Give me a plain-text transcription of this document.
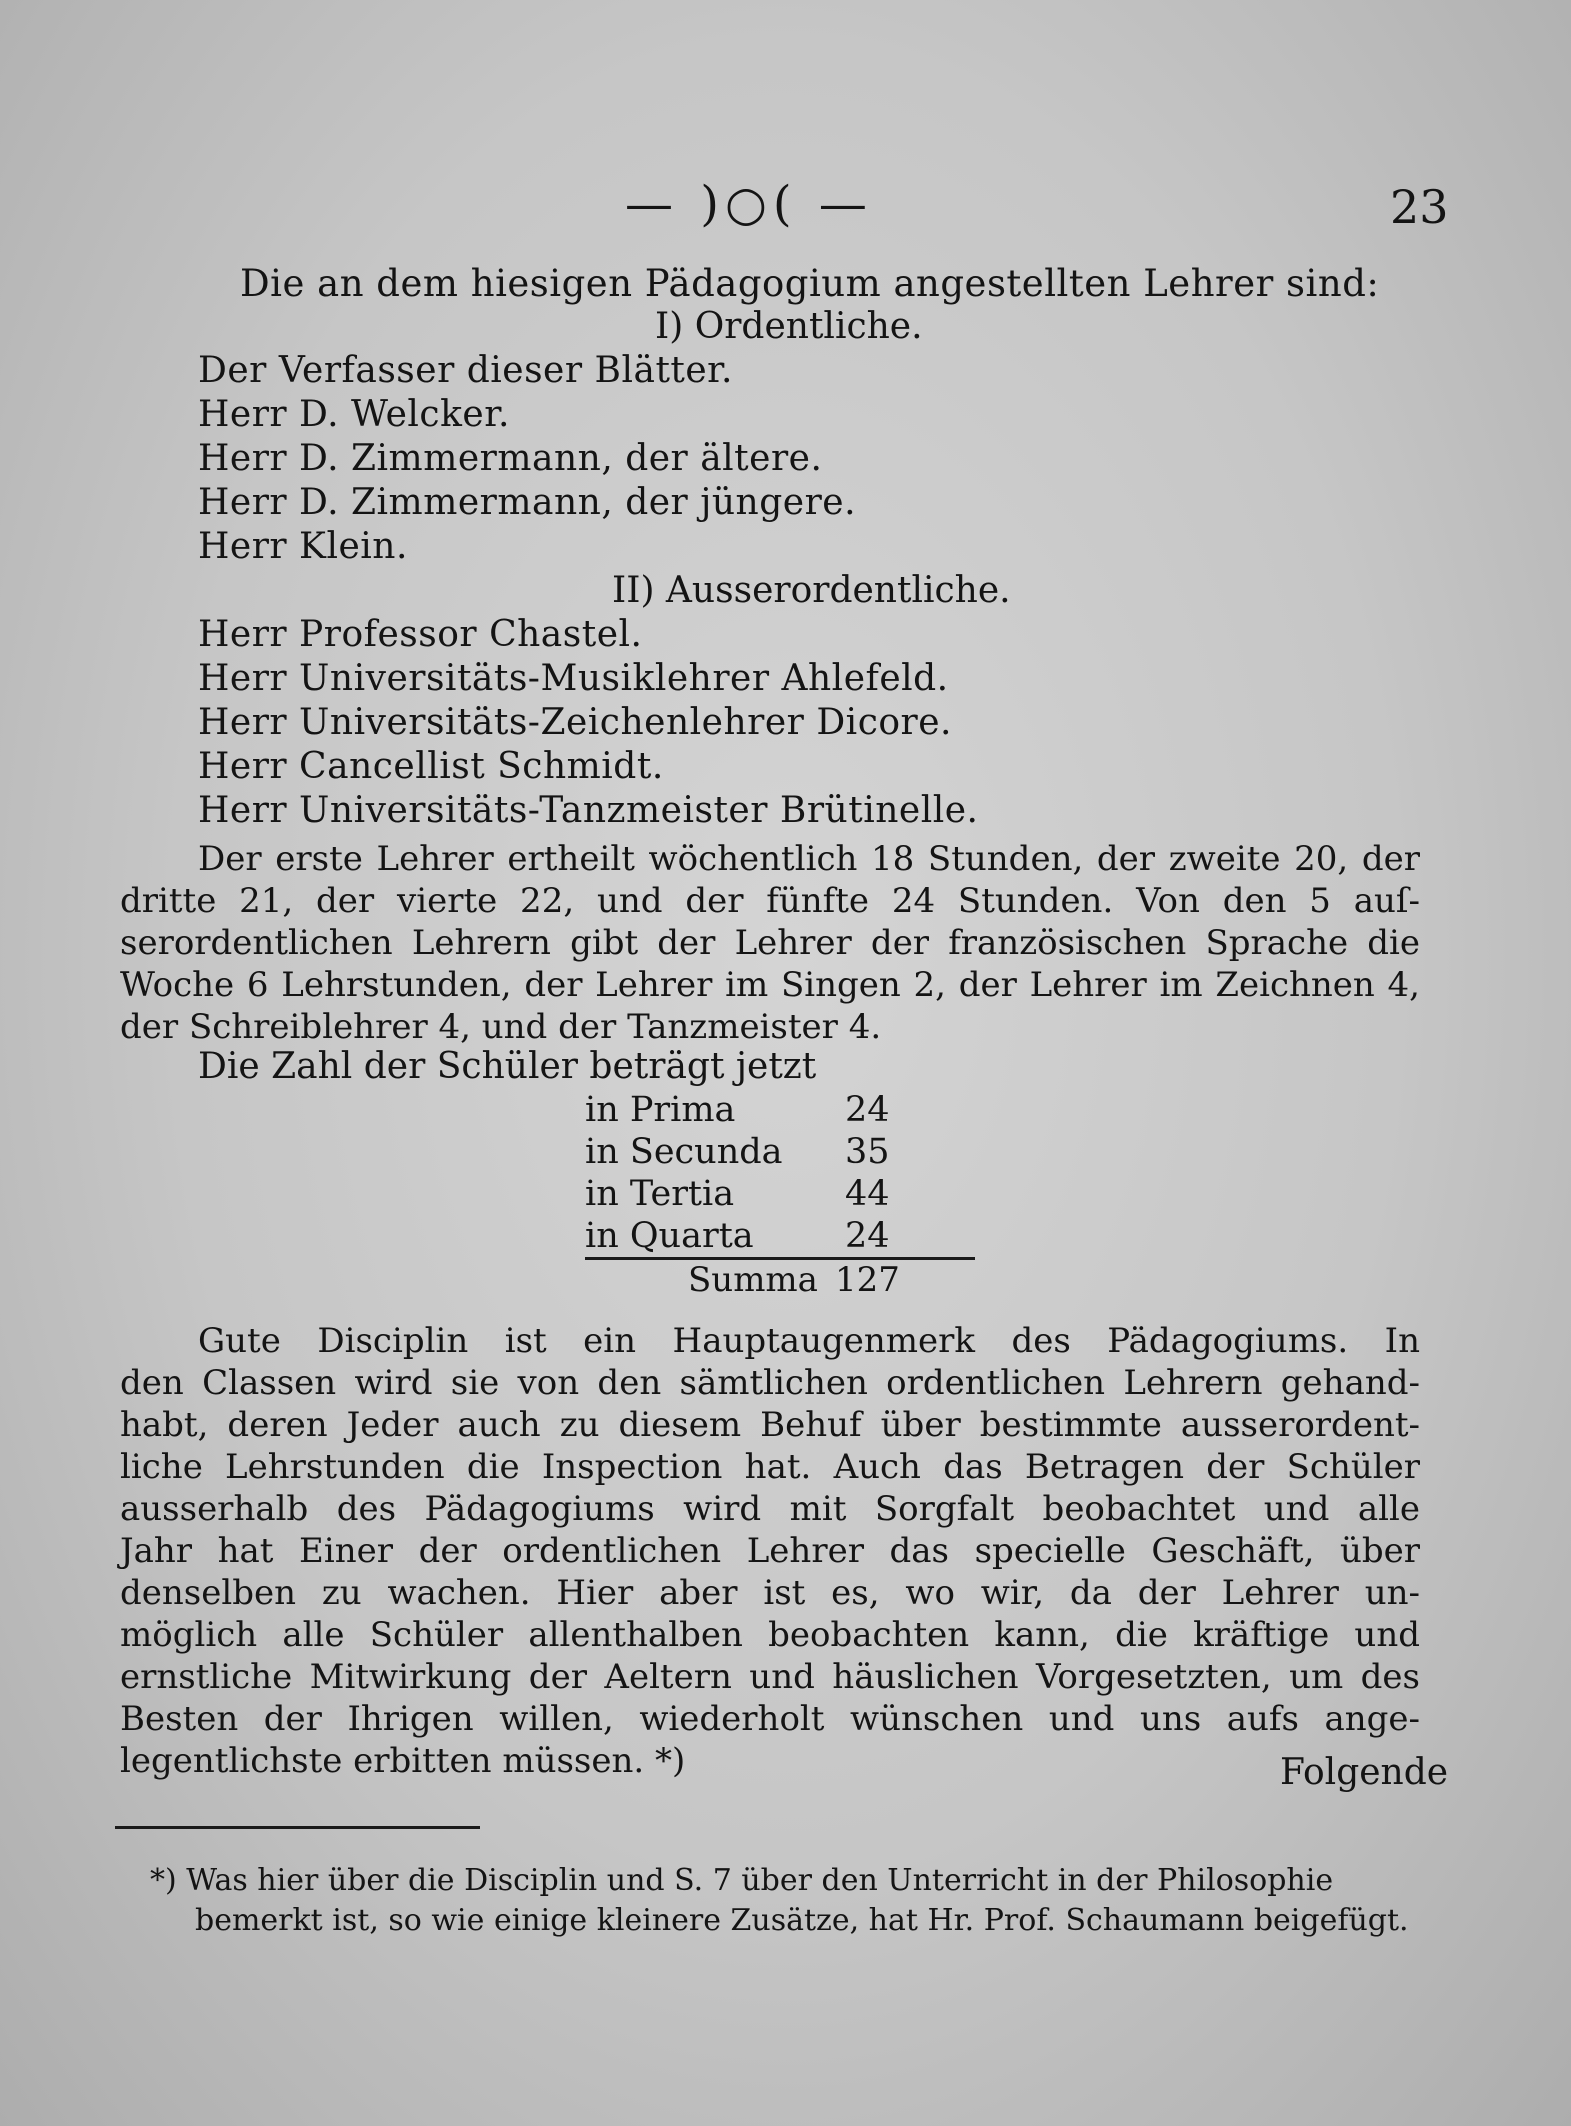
— )○( —	23
Die an dem hiesigen Pädagogium angestellten Lehrer sind:
I) Ordentliche.
Der Verfasser dieser Blätter.
Herr D. Welcker.
Herr D. Zimmermann, der ältere.
Herr D. Zimmermann, der jüngere.
Herr Klein.
II) Ausserordentliche.
Herr Professor Chastel.
Herr Universitäts-Musiklehrer Ahlefeld.
Herr Universitäts-Zeichenlehrer Dicore.
Herr Cancellist Schmidt.
Herr Universitäts-Tanzmeister Brütinelle.
Der erste Lehrer ertheilt wöchentlich 18 Stunden, der zweite 20, der
dritte 21, der vierte 22, und der fünfte 24 Stunden. Von den 5 auſ-
serordentlichen Lehrern gibt der Lehrer der französischen Sprache die
Woche 6 Lehrstunden, der Lehrer im Singen 2, der Lehrer im Zeichnen 4,
der Schreiblehrer 4, und der Tanzmeister 4.
Die Zahl der Schüler beträgt jetzt
in Prima	24
in Secunda 35
in Tertia	44
in Quarta	24
Summa 127
Gute Disciplin ist ein Hauptaugenmerk des Pädagogiums. In
den Classen wird sie von den sämtlichen ordentlichen Lehrern gehand-
habt, deren Jeder auch zu diesem Behuf über bestimmte ausserordent-
liche Lehrstunden die Inspection hat. Auch das Betragen der Schüler
ausserhalb des Pädagogiums wird mit Sorgfalt beobachtet und alle
Jahr hat Einer der ordentlichen Lehrer das specielle Geschäft, über
denselben zu wachen. Hier aber ist es, wo wir, da der Lehrer un-
möglich alle Schüler allenthalben beobachten kann, die kräftige und
ernstliche Mitwirkung der Aeltern und häuslichen Vorgesetzten, um des
Besten der Ihrigen willen, wiederholt wünschen und uns aufs ange-
legentlichste erbitten müssen. *)	Folgende
*) Was hier über die Disciplin und S. 7 über den Unterricht in der Philosophie
bemerkt ist, so wie einige kleinere Zusätze, hat Hr. Prof. Schaumann beigefügt.
